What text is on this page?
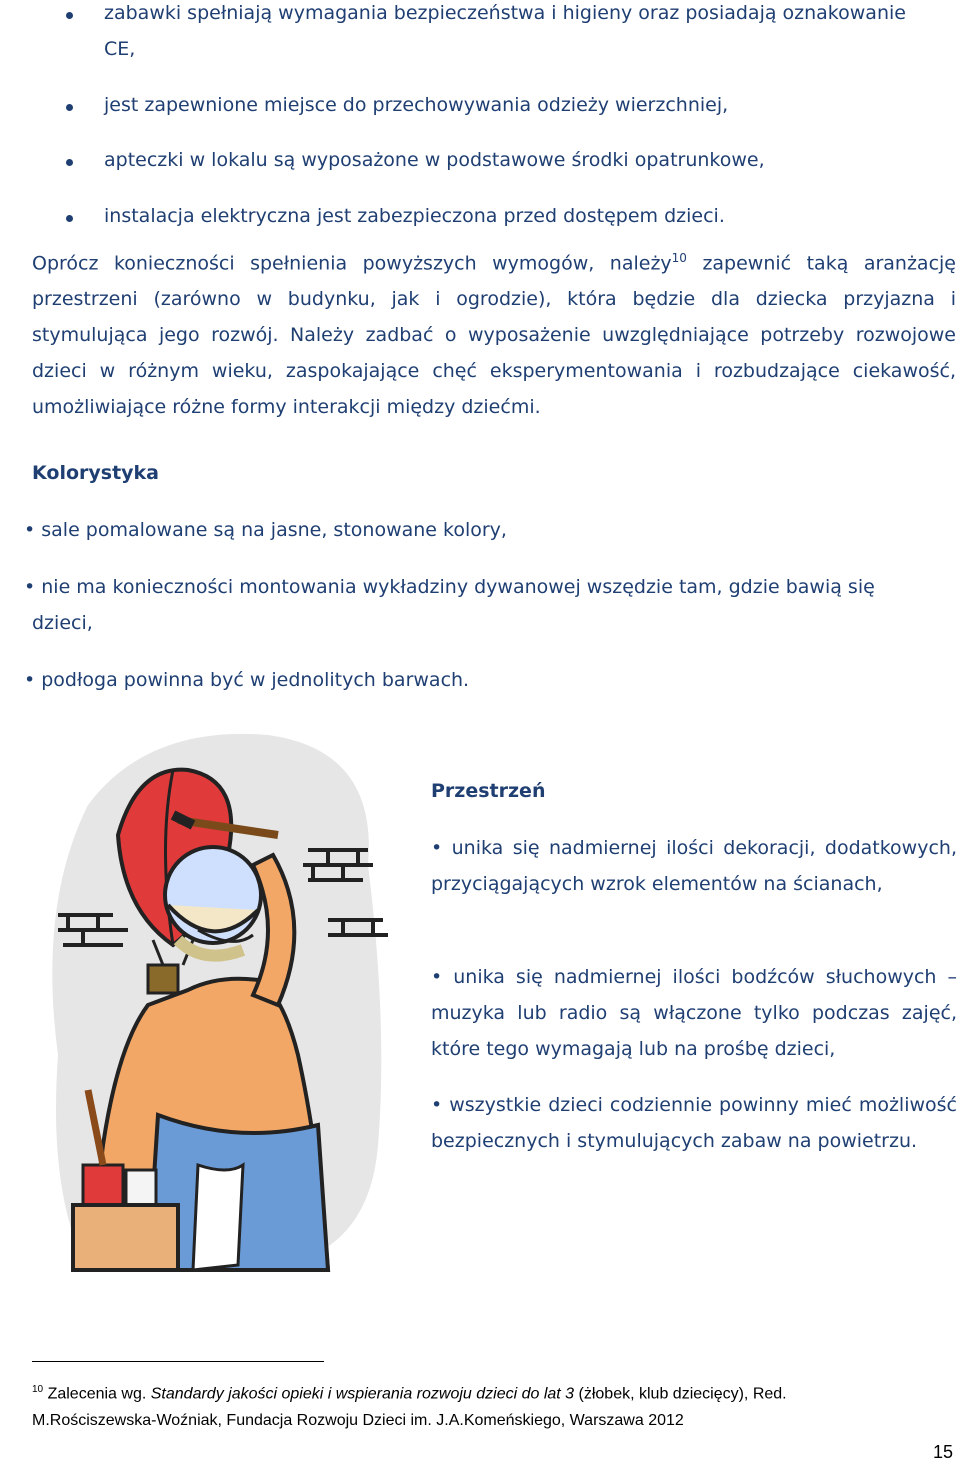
zabawki spełniają wymagania bezpieczeństwa i higieny oraz posiadają oznakowanie
CE,
jest zapewnione miejsce do przechowywania odzieży wierzchniej,
apteczki w lokalu są wyposażone w podstawowe środki opatrunkowe,
instalacja elektryczna jest zabezpieczona przed dostępem dzieci.

Oprócz konieczności spełnienia powyższych wymogów, należy$^{10}$ zapewnić taką aranżację przestrzeni (zarówno w budynku, jak i ogrodzie), która będzie dla dziecka przyjazna i stymulująca jego rozwój. Należy zadbać o wyposażenie uwzględniające potrzeby rozwojowe dzieci w różnym wieku, zaspokajające chęć eksperymentowania i rozbudzające ciekawość, umożliwiające różne formy interakcji między dziećmi.

Kolorystyka
• sale pomalowane są na jasne, stonowane kolory,
• nie ma konieczności montowania wykładziny dywanowej wszędzie tam, gdzie bawią się
dzieci,
• podłoga powinna być w jednolitych barwach.
Przestrzeń
• unika się nadmiernej ilości dekoracji, dodatkowych, przyciągających wzrok elementów na ścianach,
• unika się nadmiernej ilości bodźców słuchowych – muzyka lub radio są włączone tylko podczas zajęć, które tego wymagają lub na prośbę dzieci,
• wszystkie dzieci codziennie powinny mieć możliwość bezpiecznych i stymulujących zabaw na powietrzu.
$^{10}$ Zalecenia wg. Standardy jakości opieki i wspierania rozwoju dzieci do lat 3 (żłobek, klub dziecięcy), Red.
M.Rościszewska-Woźniak, Fundacja Rozwoju Dzieci im. J.A.Komeńskiego, Warszawa 2012
15
